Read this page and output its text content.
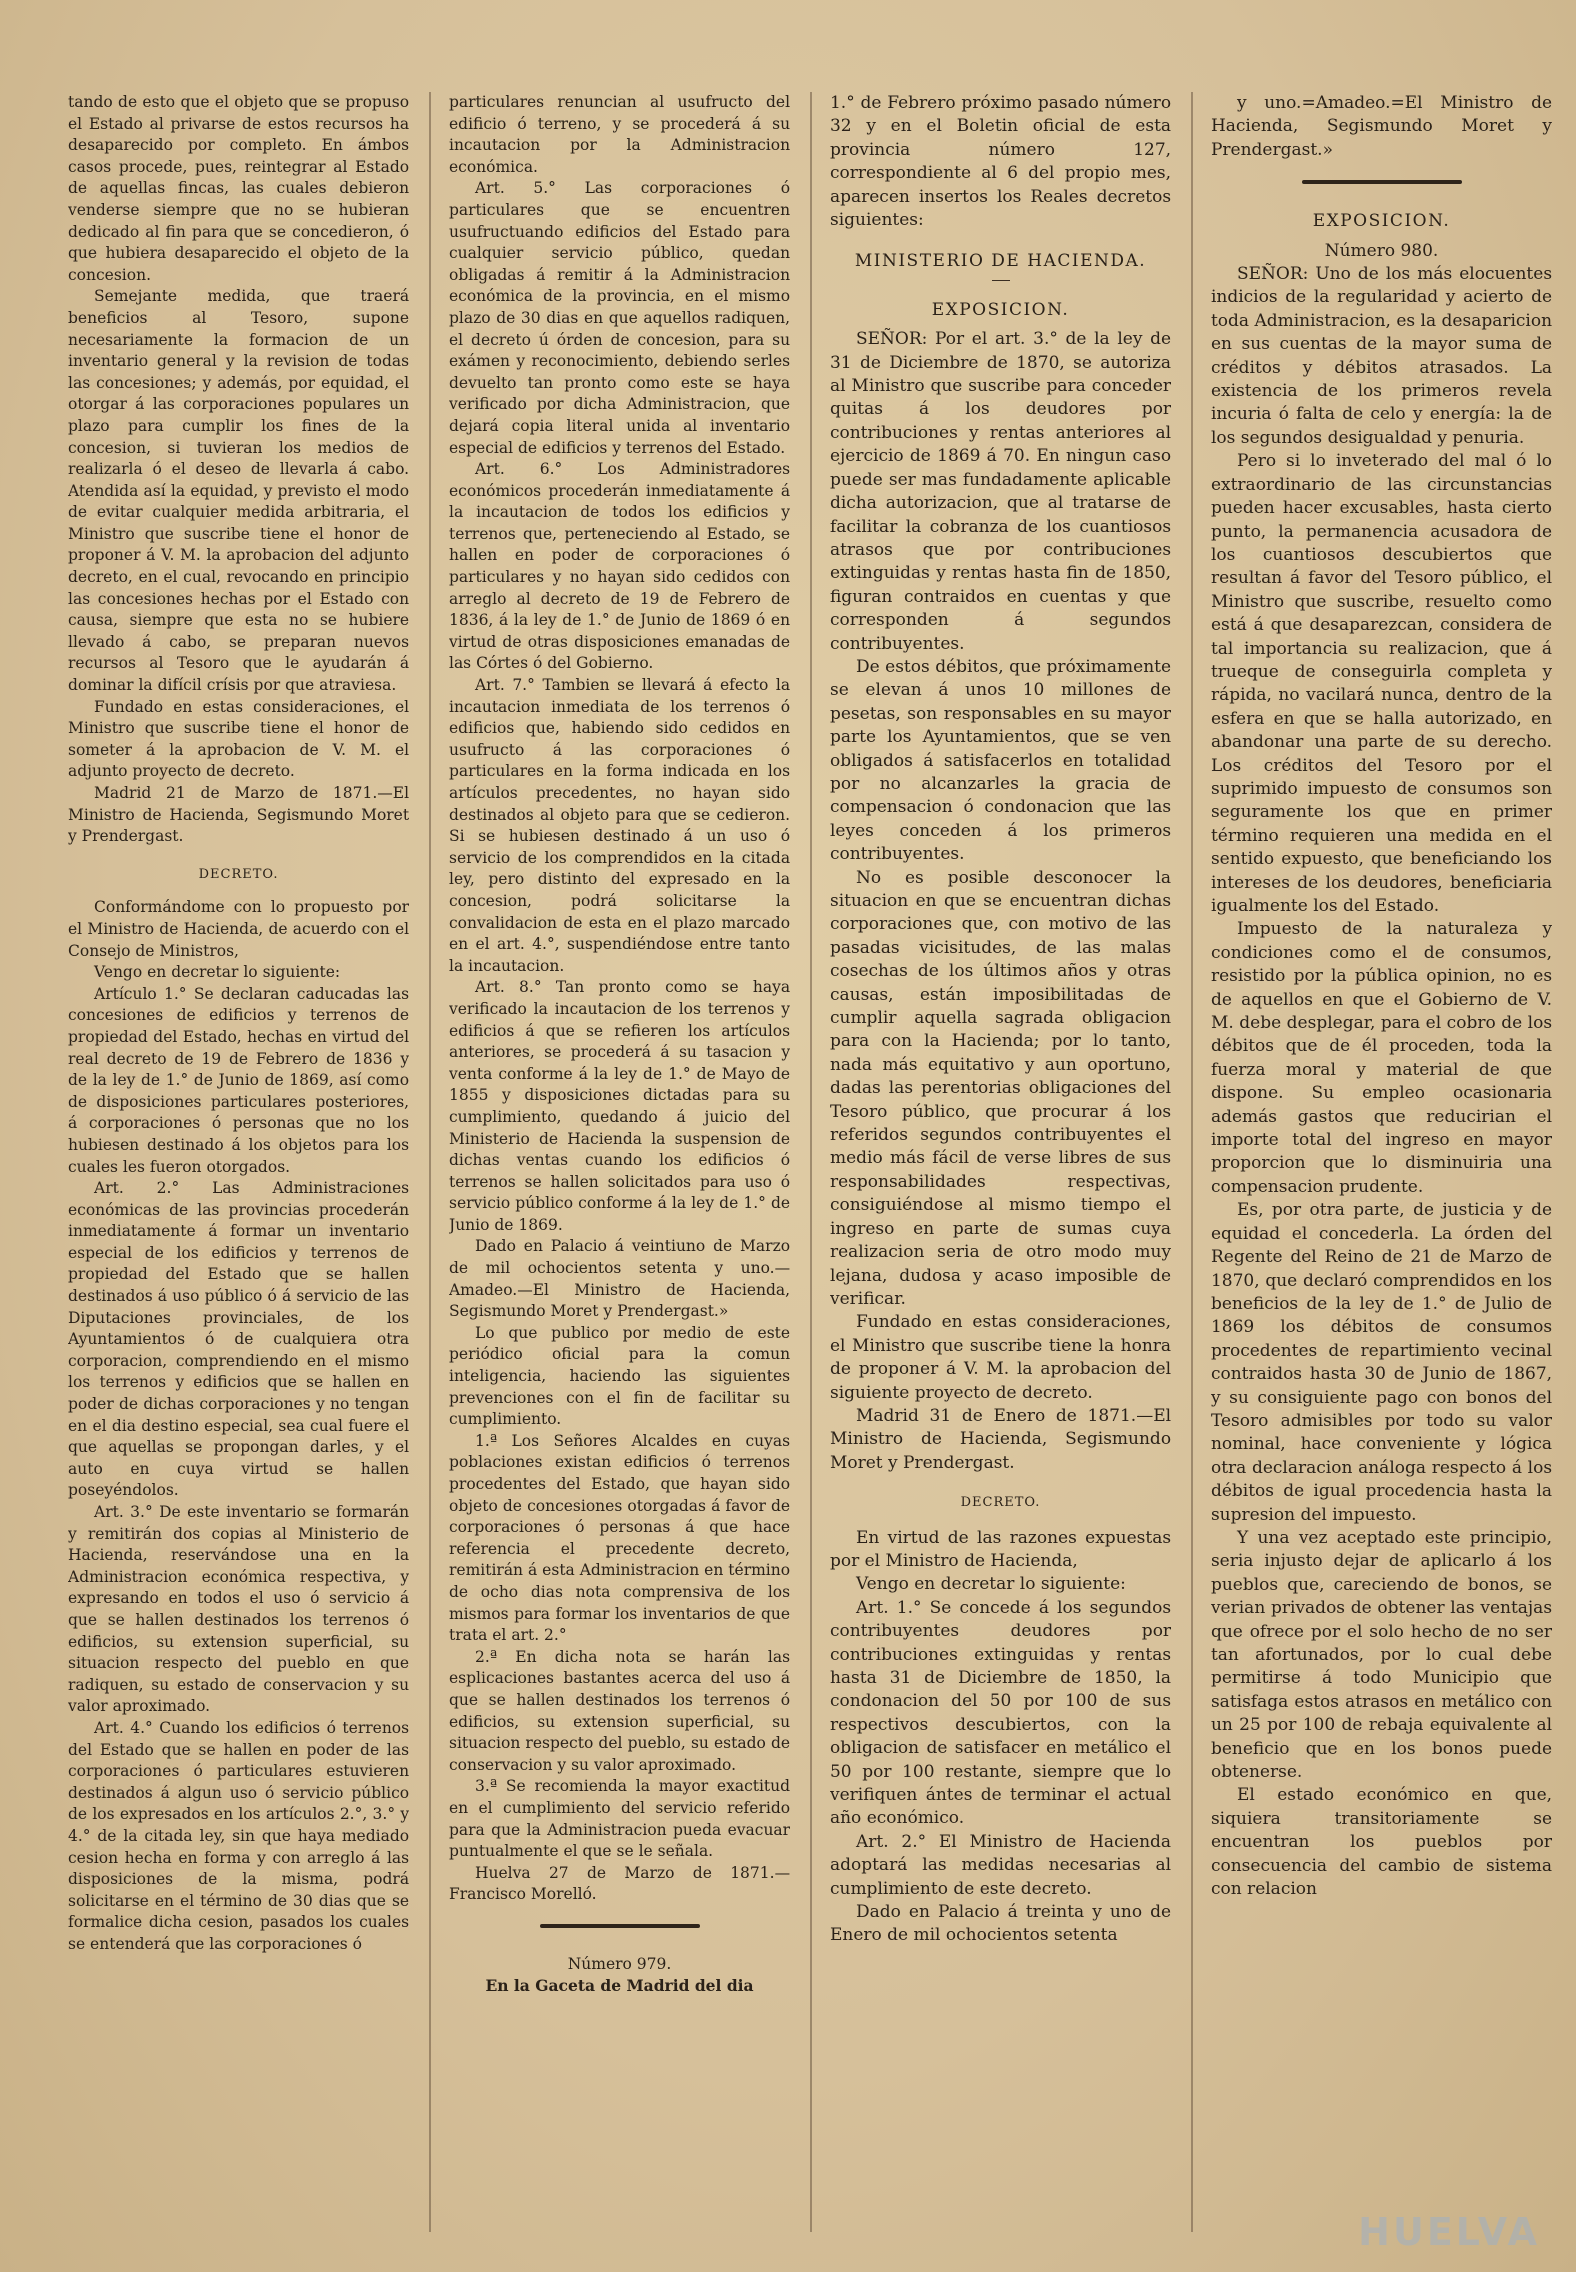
tando de esto que el objeto que se propuso el Estado al privarse de estos recursos ha desaparecido por completo. En ámbos casos procede, pues, reintegrar al Estado de aquellas fincas, las cuales debieron venderse siempre que no se hubieran dedicado al fin para que se concedieron, ó que hubiera desaparecido el objeto de la concesion.

Semejante medida, que traerá beneficios al Tesoro, supone necesariamente la formacion de un inventario general y la revision de todas las concesiones; y además, por equidad, el otorgar á las corporaciones populares un plazo para cumplir los fines de la concesion, si tuvieran los medios de realizarla ó el deseo de llevarla á cabo. Atendida así la equidad, y previsto el modo de evitar cualquier medida arbitraria, el Ministro que suscribe tiene el honor de proponer á V. M. la aprobacion del adjunto decreto, en el cual, revocando en principio las concesiones hechas por el Estado con causa, siempre que esta no se hubiere llevado á cabo, se preparan nuevos recursos al Tesoro que le ayudarán á dominar la difícil crísis por que atraviesa.

Fundado en estas consideraciones, el Ministro que suscribe tiene el honor de someter á la aprobacion de V. M. el adjunto proyecto de decreto.

Madrid 21 de Marzo de 1871.—El Ministro de Hacienda, Segismundo Moret y Prendergast.

DECRETO.

Conformándome con lo propuesto por el Ministro de Hacienda, de acuerdo con el Consejo de Ministros,

Vengo en decretar lo siguiente:

Artículo 1.° Se declaran caducadas las concesiones de edificios y terrenos de propiedad del Estado, hechas en virtud del real decreto de 19 de Febrero de 1836 y de la ley de 1.° de Junio de 1869, así como de disposiciones particulares posteriores, á corporaciones ó personas que no los hubiesen destinado á los objetos para los cuales les fueron otorgados.

Art. 2.° Las Administraciones económicas de las provincias procederán inmediatamente á formar un inventario especial de los edificios y terrenos de propiedad del Estado que se hallen destinados á uso público ó á servicio de las Diputaciones provinciales, de los Ayuntamientos ó de cualquiera otra corporacion, comprendiendo en el mismo los terrenos y edificios que se hallen en poder de dichas corporaciones y no tengan en el dia destino especial, sea cual fuere el que aquellas se propongan darles, y el auto en cuya virtud se hallen poseyéndolos.

Art. 3.° De este inventario se formarán y remitirán dos copias al Ministerio de Hacienda, reservándose una en la Administracion económica respectiva, y expresando en todos el uso ó servicio á que se hallen destinados los terrenos ó edificios, su extension superficial, su situacion respecto del pueblo en que radiquen, su estado de conservacion y su valor aproximado.

Art. 4.° Cuando los edificios ó terrenos del Estado que se hallen en poder de las corporaciones ó particulares estuvieren destinados á algun uso ó servicio público de los expresados en los artículos 2.°, 3.° y 4.° de la citada ley, sin que haya mediado cesion hecha en forma y con arreglo á las disposiciones de la misma, podrá solicitarse en el término de 30 dias que se formalice dicha cesion, pasados los cuales se entenderá que las corporaciones ó

particulares renuncian al usufructo del edificio ó terreno, y se procederá á su incautacion por la Administracion económica.

Art. 5.° Las corporaciones ó particulares que se encuentren usufructuando edificios del Estado para cualquier servicio público, quedan obligadas á remitir á la Administracion económica de la provincia, en el mismo plazo de 30 dias en que aquellos radiquen, el decreto ú órden de concesion, para su exámen y reconocimiento, debiendo serles devuelto tan pronto como este se haya verificado por dicha Administracion, que dejará copia literal unida al inventario especial de edificios y terrenos del Estado.

Art. 6.° Los Administradores económicos procederán inmediatamente á la incautacion de todos los edificios y terrenos que, perteneciendo al Estado, se hallen en poder de corporaciones ó particulares y no hayan sido cedidos con arreglo al decreto de 19 de Febrero de 1836, á la ley de 1.° de Junio de 1869 ó en virtud de otras disposiciones emanadas de las Córtes ó del Gobierno.

Art. 7.° Tambien se llevará á efecto la incautacion inmediata de los terrenos ó edificios que, habiendo sido cedidos en usufructo á las corporaciones ó particulares en la forma indicada en los artículos precedentes, no hayan sido destinados al objeto para que se cedieron. Si se hubiesen destinado á un uso ó servicio de los comprendidos en la citada ley, pero distinto del expresado en la concesion, podrá solicitarse la convalidacion de esta en el plazo marcado en el art. 4.°, suspendiéndose entre tanto la incautacion.

Art. 8.° Tan pronto como se haya verificado la incautacion de los terrenos y edificios á que se refieren los artículos anteriores, se procederá á su tasacion y venta conforme á la ley de 1.° de Mayo de 1855 y disposiciones dictadas para su cumplimiento, quedando á juicio del Ministerio de Hacienda la suspension de dichas ventas cuando los edificios ó terrenos se hallen solicitados para uso ó servicio público conforme á la ley de 1.° de Junio de 1869.

Dado en Palacio á veintiuno de Marzo de mil ochocientos setenta y uno.—Amadeo.—El Ministro de Hacienda, Segismundo Moret y Prendergast.»

Lo que publico por medio de este periódico oficial para la comun inteligencia, haciendo las siguientes prevenciones con el fin de facilitar su cumplimiento.

1.ª Los Señores Alcaldes en cuyas poblaciones existan edificios ó terrenos procedentes del Estado, que hayan sido objeto de concesiones otorgadas á favor de corporaciones ó personas á que hace referencia el precedente decreto, remitirán á esta Administracion en término de ocho dias nota comprensiva de los mismos para formar los inventarios de que trata el art. 2.°

2.ª En dicha nota se harán las esplicaciones bastantes acerca del uso á que se hallen destinados los terrenos ó edificios, su extension superficial, su situacion respecto del pueblo, su estado de conservacion y su valor aproximado.

3.ª Se recomienda la mayor exactitud en el cumplimiento del servicio referido para que la Administracion pueda evacuar puntualmente el que se le señala.

Huelva 27 de Marzo de 1871.—Francisco Morelló.

Número 979.

En la Gaceta de Madrid del dia

1.° de Febrero próximo pasado número 32 y en el Boletin oficial de esta provincia número 127, correspondiente al 6 del propio mes, aparecen insertos los Reales decretos siguientes:

MINISTERIO DE HACIENDA.

EXPOSICION.

SEÑOR: Por el art. 3.° de la ley de 31 de Diciembre de 1870, se autoriza al Ministro que suscribe para conceder quitas á los deudores por contribuciones y rentas anteriores al ejercicio de 1869 á 70. En ningun caso puede ser mas fundadamente aplicable dicha autorizacion, que al tratarse de facilitar la cobranza de los cuantiosos atrasos que por contribuciones extinguidas y rentas hasta fin de 1850, figuran contraidos en cuentas y que corresponden á segundos contribuyentes.

De estos débitos, que próximamente se elevan á unos 10 millones de pesetas, son responsables en su mayor parte los Ayuntamientos, que se ven obligados á satisfacerlos en totalidad por no alcanzarles la gracia de compensacion ó condonacion que las leyes conceden á los primeros contribuyentes.

No es posible desconocer la situacion en que se encuentran dichas corporaciones que, con motivo de las pasadas vicisitudes, de las malas cosechas de los últimos años y otras causas, están imposibilitadas de cumplir aquella sagrada obligacion para con la Hacienda; por lo tanto, nada más equitativo y aun oportuno, dadas las perentorias obligaciones del Tesoro público, que procurar á los referidos segundos contribuyentes el medio más fácil de verse libres de sus responsabilidades respectivas, consiguiéndose al mismo tiempo el ingreso en parte de sumas cuya realizacion seria de otro modo muy lejana, dudosa y acaso imposible de verificar.

Fundado en estas consideraciones, el Ministro que suscribe tiene la honra de proponer á V. M. la aprobacion del siguiente proyecto de decreto.

Madrid 31 de Enero de 1871.—El Ministro de Hacienda, Segismundo Moret y Prendergast.

DECRETO.

En virtud de las razones expuestas por el Ministro de Hacienda,

Vengo en decretar lo siguiente:

Art. 1.° Se concede á los segundos contribuyentes deudores por contribuciones extinguidas y rentas hasta 31 de Diciembre de 1850, la condonacion del 50 por 100 de sus respectivos descubiertos, con la obligacion de satisfacer en metálico el 50 por 100 restante, siempre que lo verifiquen ántes de terminar el actual año económico.

Art. 2.° El Ministro de Hacienda adoptará las medidas necesarias al cumplimiento de este decreto.

Dado en Palacio á treinta y uno de Enero de mil ochocientos setenta

y uno.=Amadeo.=El Ministro de Hacienda, Segismundo Moret y Prendergast.»

EXPOSICION.

Número 980.

SEÑOR: Uno de los más elocuentes indicios de la regularidad y acierto de toda Administracion, es la desaparicion en sus cuentas de la mayor suma de créditos y débitos atrasados. La existencia de los primeros revela incuria ó falta de celo y energía: la de los segundos desigualdad y penuria.

Pero si lo inveterado del mal ó lo extraordinario de las circunstancias pueden hacer excusables, hasta cierto punto, la permanencia acusadora de los cuantiosos descubiertos que resultan á favor del Tesoro público, el Ministro que suscribe, resuelto como está á que desaparezcan, considera de tal importancia su realizacion, que á trueque de conseguirla completa y rápida, no vacilará nunca, dentro de la esfera en que se halla autorizado, en abandonar una parte de su derecho. Los créditos del Tesoro por el suprimido impuesto de consumos son seguramente los que en primer término requieren una medida en el sentido expuesto, que beneficiando los intereses de los deudores, beneficiaria igualmente los del Estado.

Impuesto de la naturaleza y condiciones como el de consumos, resistido por la pública opinion, no es de aquellos en que el Gobierno de V. M. debe desplegar, para el cobro de los débitos que de él proceden, toda la fuerza moral y material de que dispone. Su empleo ocasionaria además gastos que reducirian el importe total del ingreso en mayor proporcion que lo disminuiria una compensacion prudente.

Es, por otra parte, de justicia y de equidad el concederla. La órden del Regente del Reino de 21 de Marzo de 1870, que declaró comprendidos en los beneficios de la ley de 1.° de Julio de 1869 los débitos de consumos procedentes de repartimiento vecinal contraidos hasta 30 de Junio de 1867, y su consiguiente pago con bonos del Tesoro admisibles por todo su valor nominal, hace conveniente y lógica otra declaracion análoga respecto á los débitos de igual procedencia hasta la supresion del impuesto.

Y una vez aceptado este principio, seria injusto dejar de aplicarlo á los pueblos que, careciendo de bonos, se verian privados de obtener las ventajas que ofrece por el solo hecho de no ser tan afortunados, por lo cual debe permitirse á todo Municipio que satisfaga estos atrasos en metálico con un 25 por 100 de rebaja equivalente al beneficio que en los bonos puede obtenerse.

El estado económico en que, siquiera transitoriamente se encuentran los pueblos por consecuencia del cambio de sistema con relacion

HUELVA
